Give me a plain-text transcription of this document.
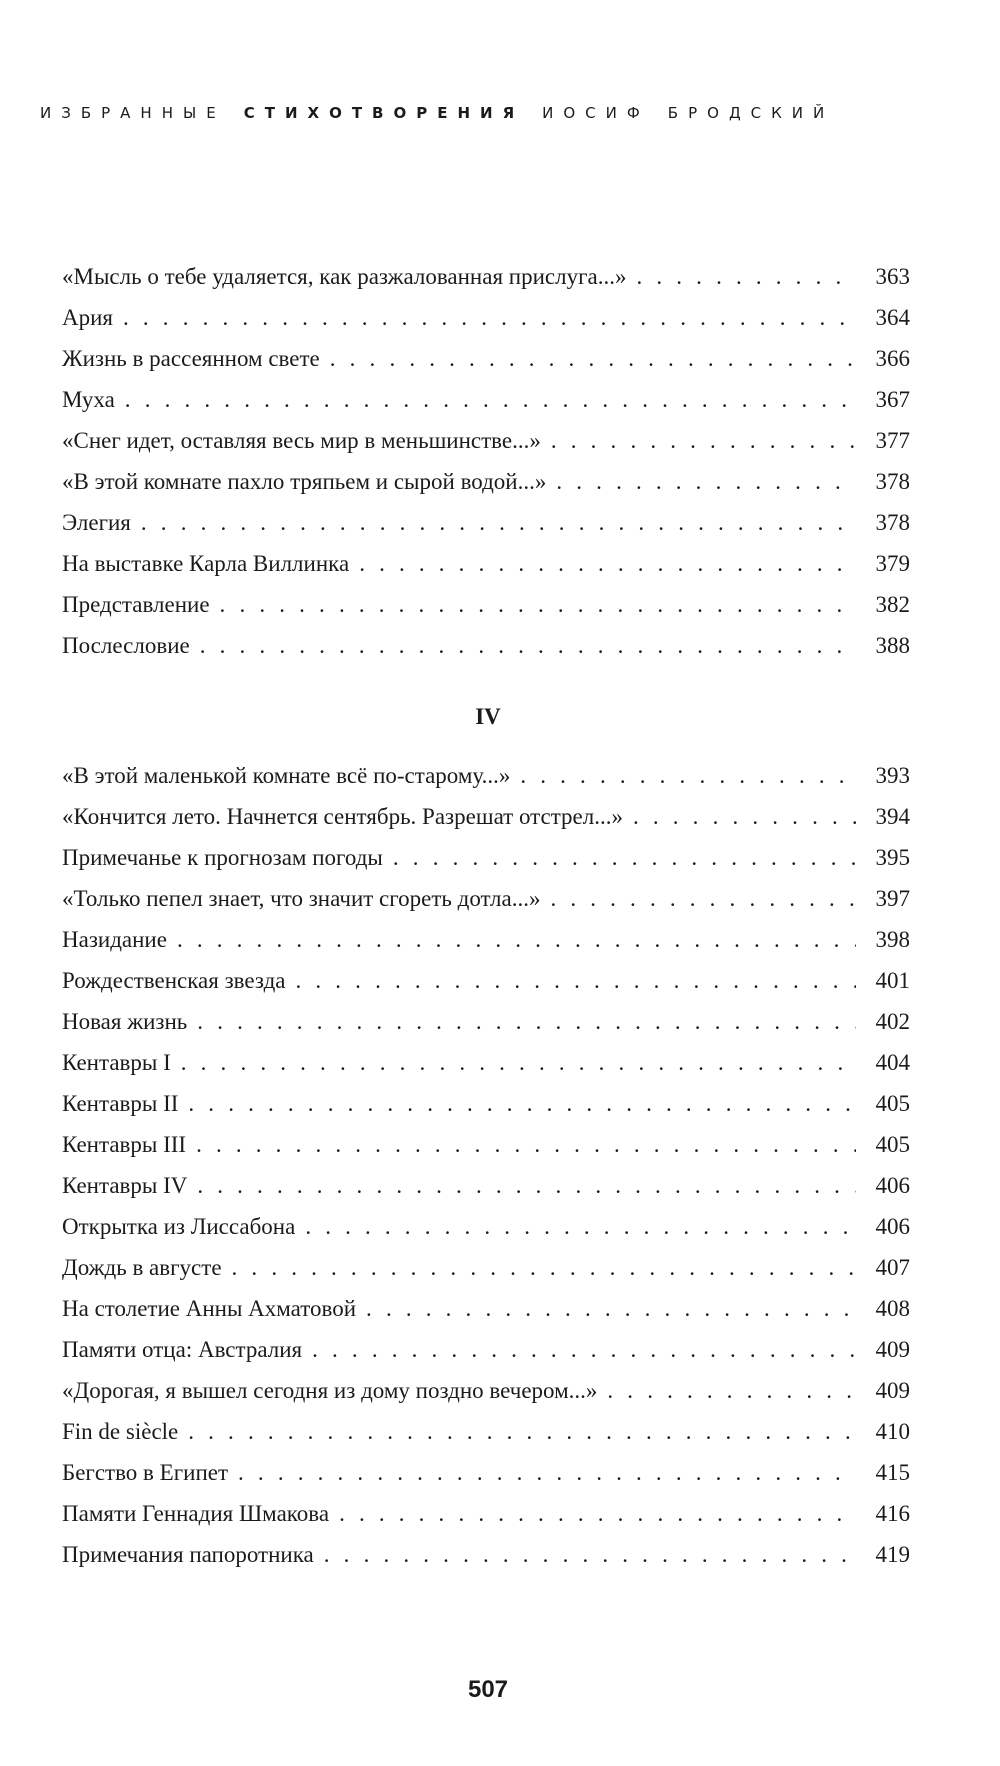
ИЗБРАННЫЕ СТИХОТВОРЕНИЯ ИОСИФ БРОДСКИЙ
«Мысль о тебе удаляется, как разжалованная прислуга...» . . .	363
Ария . . .	364
Жизнь в рассеянном свете . . .	366
Муха . . .	367
«Снег идет, оставляя весь мир в меньшинстве...» . . .	377
«В этой комнате пахло тряпьем и сырой водой...» . . .	378
Элегия . . .	378
На выставке Карла Виллинка . . .	379
Представление . . .	382
Послесловие . . .	388
IV
«В этой маленькой комнате всё по-старому...» . . .	393
«Кончится лето. Начнется сентябрь. Разрешат отстрел...» . . .	394
Примечанье к прогнозам погоды . . .	395
«Только пепел знает, что значит сгореть дотла...» . . .	397
Назидание . . .	398
Рождественская звезда . . .	401
Новая жизнь . . .	402
Кентавры I . . .	404
Кентавры II . . .	405
Кентавры III . . .	405
Кентавры IV . . .	406
Открытка из Лиссабона . . .	406
Дождь в августе . . .	407
На столетие Анны Ахматовой . . .	408
Памяти отца: Австралия . . .	409
«Дорогая, я вышел сегодня из дому поздно вечером...» . . .	409
Fin de siècle . . .	410
Бегство в Египет . . .	415
Памяти Геннадия Шмакова . . .	416
Примечания папоротника . . .	419
507
